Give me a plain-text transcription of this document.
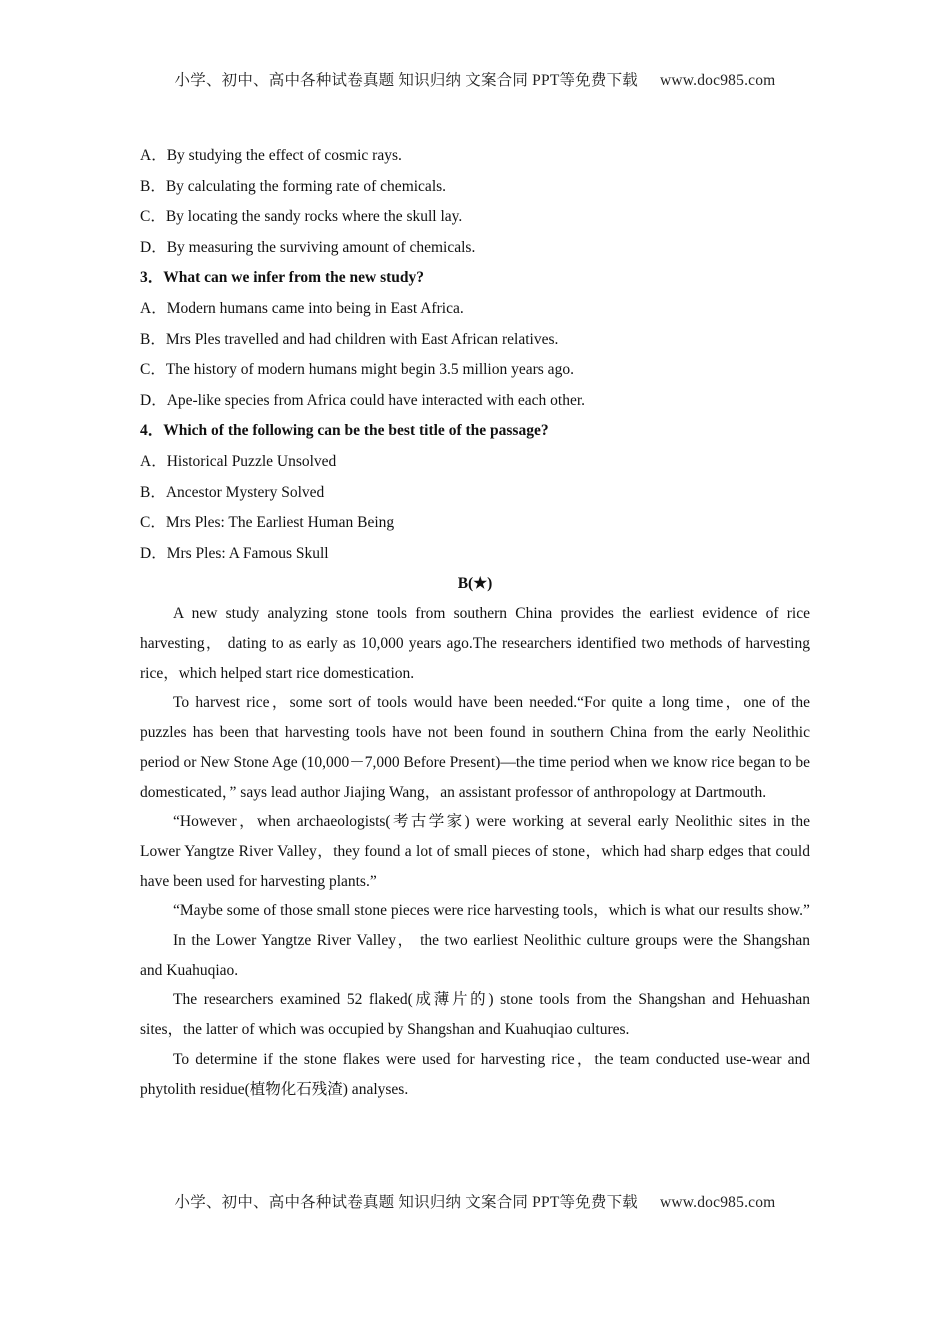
小学、初中、高中各种试卷真题 知识归纳 文案合同 PPT等免费下载 www.doc985.com
A．By studying the effect of cosmic rays.
B．By calculating the forming rate of chemicals.
C．By locating the sandy rocks where the skull lay.
D．By measuring the surviving amount of chemicals.
3．What can we infer from the new study?
A．Modern humans came into being in East Africa.
B．Mrs Ples travelled and had children with East African relatives.
C．The history of modern humans might begin 3.5 million years ago.
D．Ape-like species from Africa could have interacted with each other.
4．Which of the following can be the best title of the passage?
A．Historical Puzzle Unsolved
B．Ancestor Mystery Solved
C．Mrs Ples: The Earliest Human Being
D．Mrs Ples: A Famous Skull
B(★)

A new study analyzing stone tools from southern China provides the earliest evidence of rice harvesting， dating to as early as 10,000 years ago.The researchers identified two methods of harvesting rice，which helped start rice domestication.

To harvest rice，some sort of tools would have been needed.“For quite a long time，one of the puzzles has been that harvesting tools have not been found in southern China from the early Neolithic period or New Stone Age (10,000－7,000 Before Present)—the time period when we know rice began to be domesticated，” says lead author Jiajing Wang，an assistant professor of anthropology at Dartmouth.

“However，when archaeologists(考古学家) were working at several early Neolithic sites in the Lower Yangtze River Valley，they found a lot of small pieces of stone，which had sharp edges that could have been used for harvesting plants.”

“Maybe some of those small stone pieces were rice harvesting tools，which is what our results show.”

In the Lower Yangtze River Valley， the two earliest Neolithic culture groups were the Shangshan and Kuahuqiao.

The researchers examined 52 flaked(成薄片的) stone tools from the Shangshan and Hehuashan sites，the latter of which was occupied by Shangshan and Kuahuqiao cultures.

To determine if the stone flakes were used for harvesting rice，the team conducted use-wear and phytolith residue(植物化石残渣) analyses.

小学、初中、高中各种试卷真题 知识归纳 文案合同 PPT等免费下载 www.doc985.com
